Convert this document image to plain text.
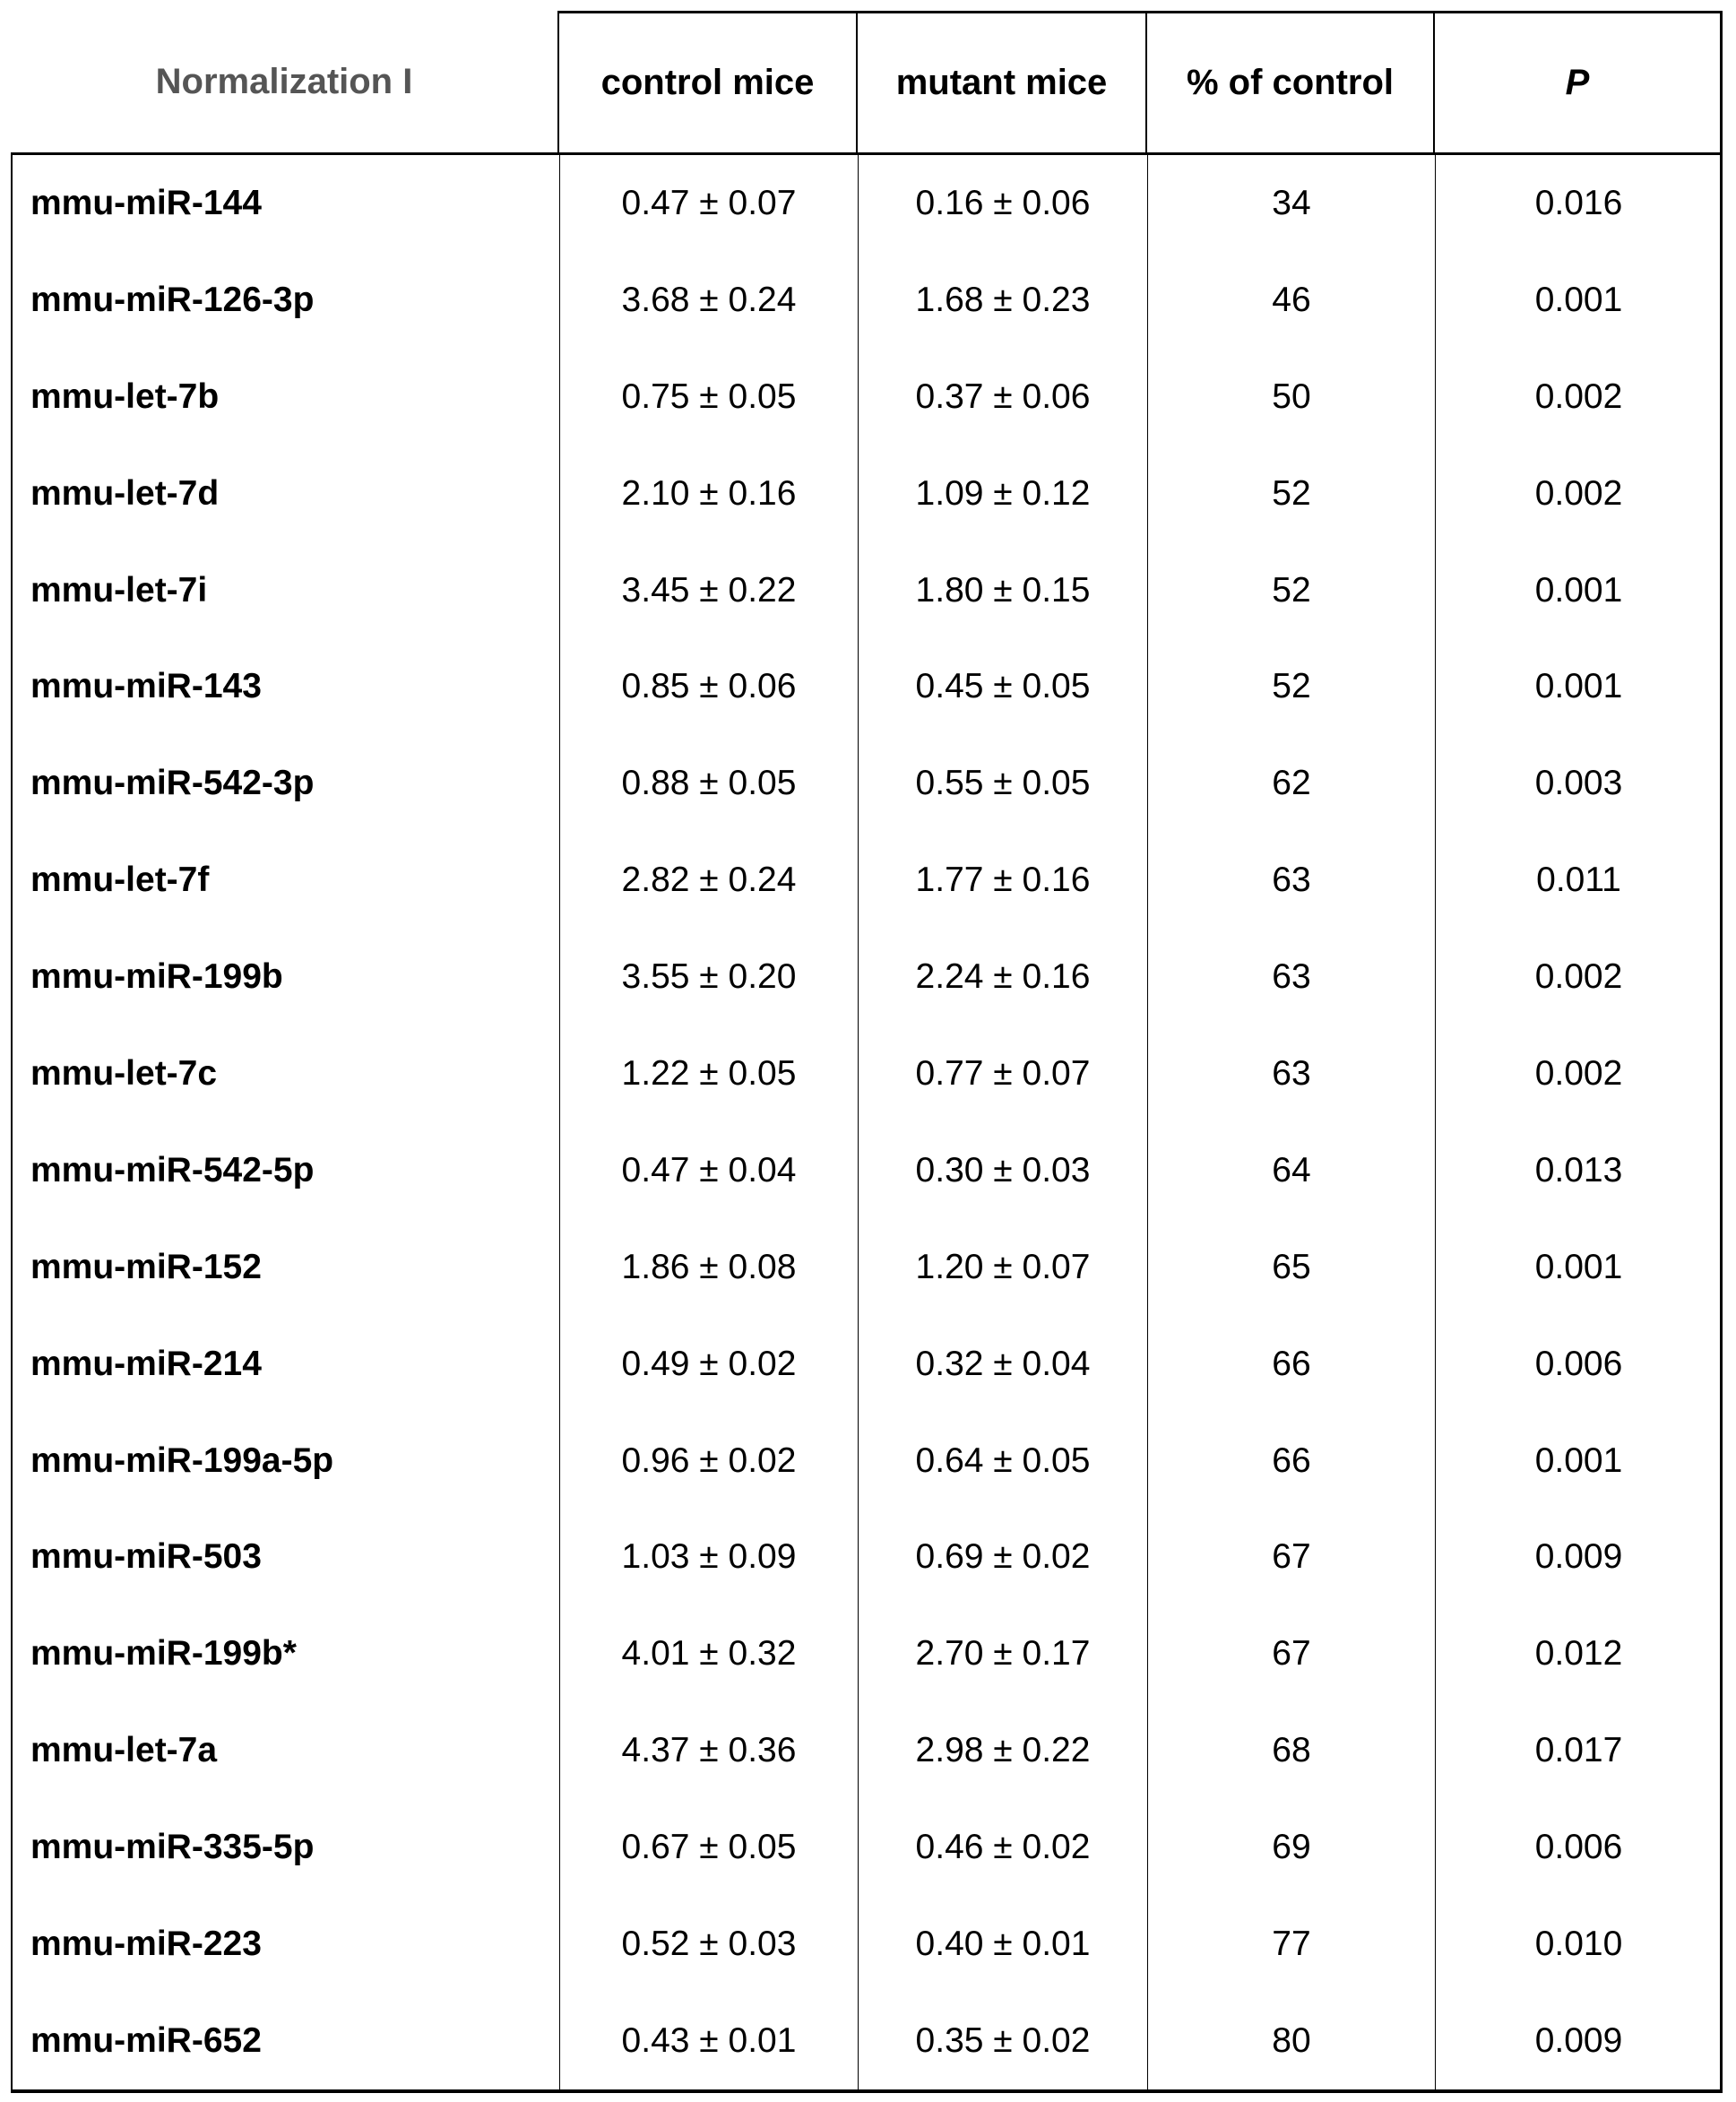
Normalization I	control mice	mutant mice	% of control	P
mmu-miR-144	0.47 ± 0.07	0.16 ± 0.06	34	0.016
mmu-miR-126-3p	3.68 ± 0.24	1.68 ± 0.23	46	0.001
mmu-let-7b	0.75 ± 0.05	0.37 ± 0.06	50	0.002
mmu-let-7d	2.10 ± 0.16	1.09 ± 0.12	52	0.002
mmu-let-7i	3.45 ± 0.22	1.80 ± 0.15	52	0.001
mmu-miR-143	0.85 ± 0.06	0.45 ± 0.05	52	0.001
mmu-miR-542-3p	0.88 ± 0.05	0.55 ± 0.05	62	0.003
mmu-let-7f	2.82 ± 0.24	1.77 ± 0.16	63	0.011
mmu-miR-199b	3.55 ± 0.20	2.24 ± 0.16	63	0.002
mmu-let-7c	1.22 ± 0.05	0.77 ± 0.07	63	0.002
mmu-miR-542-5p	0.47 ± 0.04	0.30 ± 0.03	64	0.013
mmu-miR-152	1.86 ± 0.08	1.20 ± 0.07	65	0.001
mmu-miR-214	0.49 ± 0.02	0.32 ± 0.04	66	0.006
mmu-miR-199a-5p	0.96 ± 0.02	0.64 ± 0.05	66	0.001
mmu-miR-503	1.03 ± 0.09	0.69 ± 0.02	67	0.009
mmu-miR-199b*	4.01 ± 0.32	2.70 ± 0.17	67	0.012
mmu-let-7a	4.37 ± 0.36	2.98 ± 0.22	68	0.017
mmu-miR-335-5p	0.67 ± 0.05	0.46 ± 0.02	69	0.006
mmu-miR-223	0.52 ± 0.03	0.40 ± 0.01	77	0.010
mmu-miR-652	0.43 ± 0.01	0.35 ± 0.02	80	0.009
